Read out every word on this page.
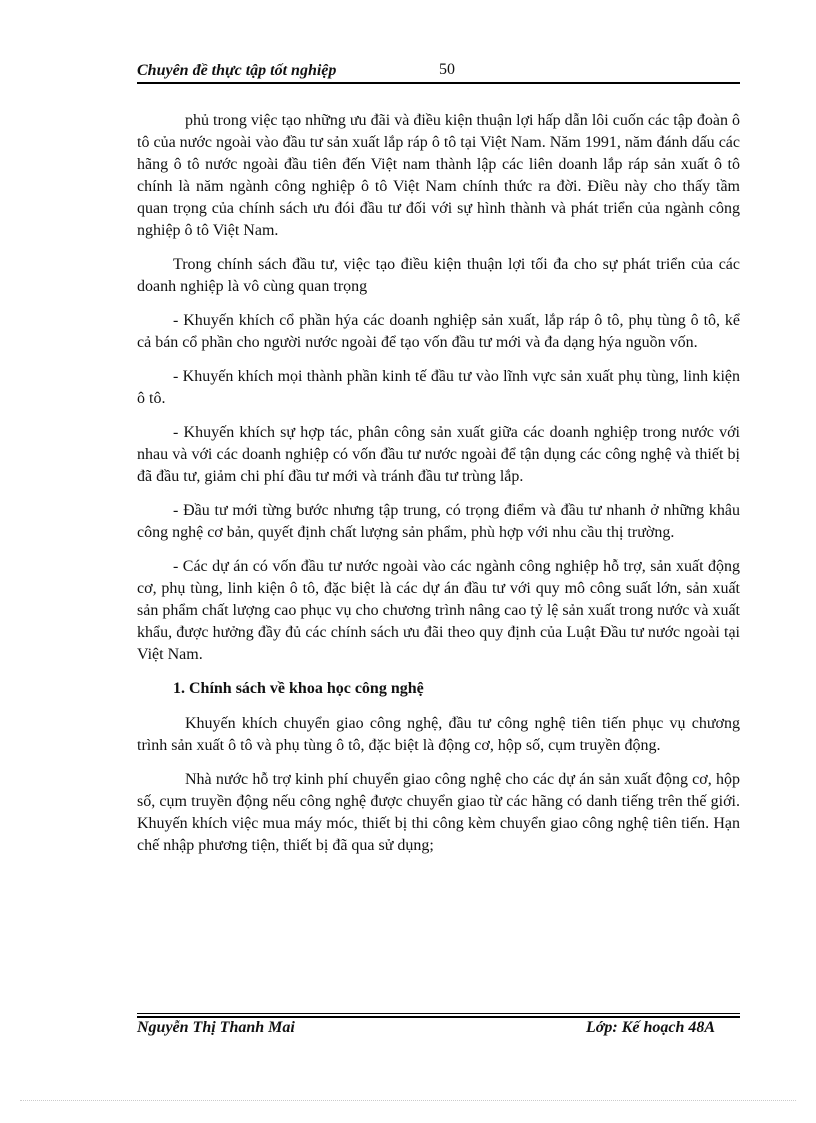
Chuyên đề thực tập tốt nghiệp	50

phủ trong việc tạo những ưu đãi và điều kiện thuận lợi hấp dẫn lôi cuốn các tập đoàn ô tô của nước ngoài vào đầu tư sản xuất lắp ráp ô tô tại Việt Nam. Năm 1991, năm đánh dấu các hãng ô tô nước ngoài đầu tiên đến Việt nam thành lập các liên doanh lắp ráp sản xuất ô tô chính là năm ngành công nghiệp ô tô Việt Nam chính thức ra đời. Điều này cho thấy tầm quan trọng của chính sách ưu đói đầu tư đối với sự hình thành và phát triển của ngành công nghiệp ô tô Việt Nam.

Trong chính sách đầu tư, việc tạo điều kiện thuận lợi tối đa cho sự phát triển của các doanh nghiệp là vô cùng quan trọng

- Khuyến khích cổ phần hýa các doanh nghiệp sản xuất, lắp ráp ô tô, phụ tùng ô tô, kể cả bán cổ phần cho người nước ngoài để tạo vốn đầu tư mới và đa dạng hýa nguồn vốn.

- Khuyến khích mọi thành phần kinh tế đầu tư vào lĩnh vực sản xuất phụ tùng, linh kiện ô tô.

- Khuyến khích sự hợp tác, phân công sản xuất giữa các doanh nghiệp trong nước với nhau và với các doanh nghiệp có vốn đầu tư nước ngoài để tận dụng các công nghệ và thiết bị đã đầu tư, giảm chi phí đầu tư mới và tránh đầu tư trùng lắp.

- Đầu tư mới từng bước nhưng tập trung, có trọng điểm và đầu tư nhanh ở những khâu công nghệ cơ bản, quyết định chất lượng sản phẩm, phù hợp với nhu cầu thị trường.

- Các dự án có vốn đầu tư nước ngoài vào các ngành công nghiệp hỗ trợ, sản xuất động cơ, phụ tùng, linh kiện ô tô, đặc biệt là các dự án đầu tư với quy mô công suất lớn, sản xuất sản phẩm chất lượng cao phục vụ cho chương trình nâng cao tỷ lệ sản xuất trong nước và xuất khẩu, được hưởng đầy đủ các chính sách ưu đãi theo quy định của Luật Đầu tư nước ngoài tại Việt Nam.

1. Chính sách về khoa học công nghệ

Khuyến khích chuyển giao công nghệ, đầu tư công nghệ tiên tiến phục vụ chương trình sản xuất ô tô và phụ tùng ô tô, đặc biệt là động cơ, hộp số, cụm truyền động.

Nhà nước hỗ trợ kinh phí chuyển giao công nghệ cho các dự án sản xuất động cơ, hộp số, cụm truyền động nếu công nghệ được chuyển giao từ các hãng có danh tiếng trên thế giới. Khuyến khích việc mua máy móc, thiết bị thi công kèm chuyển giao công nghệ tiên tiến. Hạn chế nhập phương tiện, thiết bị đã qua sử dụng;

Nguyễn Thị Thanh Mai	Lớp: Kế hoạch 48A
